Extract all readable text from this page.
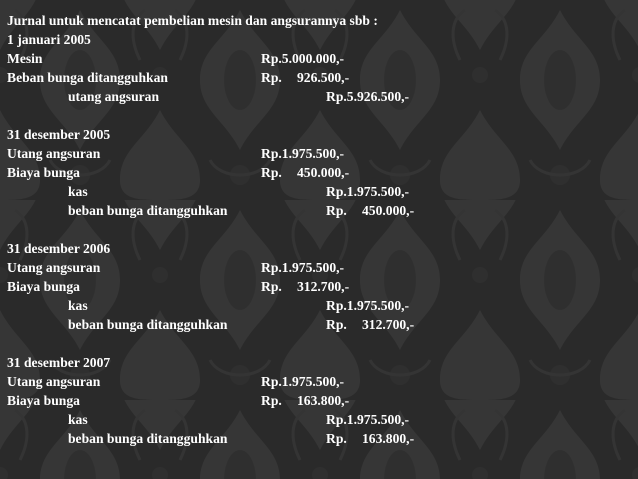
Jurnal untuk mencatat pembelian mesin dan angsurannya sbb :
1 januari 2005
Mesin	Rp.5.000.000,-
Beban bunga ditangguhkan	Rp. 926.500,-
utang angsuran	Rp.5.926.500,-
31 desember 2005
Utang angsuran	Rp.1.975.500,-
Biaya bunga	Rp. 450.000,-
kas	Rp.1.975.500,-
beban bunga ditangguhkan	Rp. 450.000,-
31 desember 2006
Utang angsuran	Rp.1.975.500,-
Biaya bunga	Rp. 312.700,-
kas	Rp.1.975.500,-
beban bunga ditangguhkan	Rp. 312.700,-
31 desember 2007
Utang angsuran	Rp.1.975.500,-
Biaya bunga	Rp. 163.800,-
kas	Rp.1.975.500,-
beban bunga ditangguhkan	Rp. 163.800,-
